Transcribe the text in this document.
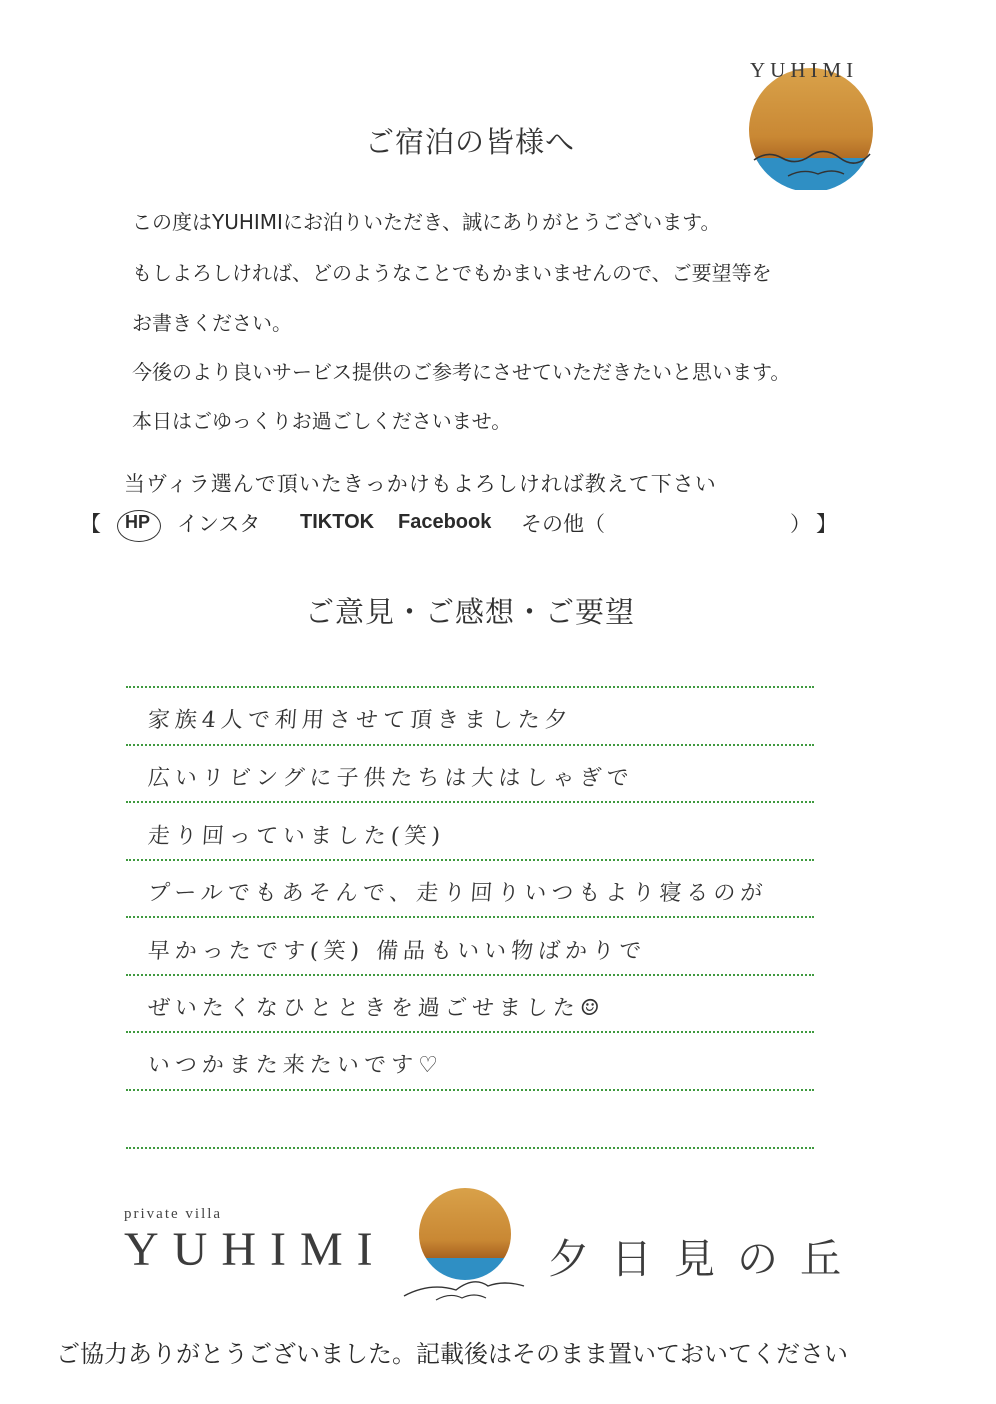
YUHIMI
ご宿泊の皆様へ
この度はYUHIMIにお泊りいただき、誠にありがとうございます。
もしよろしければ、どのようなことでもかまいませんので、ご要望等を
お書きください。
今後のより良いサービス提供のご参考にさせていただきたいと思います。
本日はごゆっくりお過ごしくださいませ。
当ヴィラ選んで頂いたきっかけもよろしければ教えて下さい
【 HP インスタ TIKTOK Facebook その他（	） 】
ご意見・ご感想・ご要望
家族4人で利用させて頂きました夕
広いリビングに子供たちは大はしゃぎで
走り回っていました(笑)
プールでもあそんで、走り回りいつもより寝るのが
早かったです(笑) 備品もいい物ばかりで
ぜいたくなひとときを過ごせました☺
いつかまた来たいです♡
private villa
YUHIMI	夕日見の丘
ご協力ありがとうございました。記載後はそのまま置いておいてください
